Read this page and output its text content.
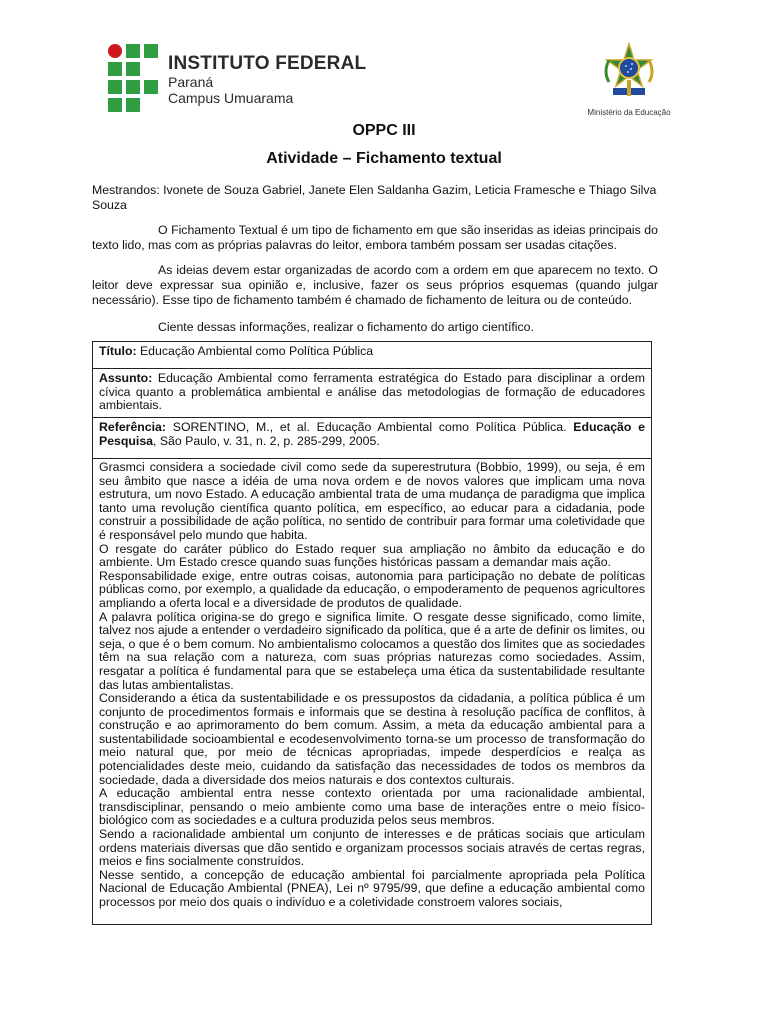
INSTITUTO FEDERAL
Paraná
Campus Umuarama
Ministério da Educação
OPPC III
Atividade – Fichamento textual
Mestrandos: Ivonete de Souza Gabriel, Janete Elen Saldanha Gazim, Leticia Framesche e Thiago Silva Souza
O Fichamento Textual é um tipo de fichamento em que são inseridas as ideias principais do texto lido, mas com as próprias palavras do leitor, embora também possam ser usadas citações.
As ideias devem estar organizadas de acordo com a ordem em que aparecem no texto. O leitor deve expressar sua opinião e, inclusive, fazer os seus próprios esquemas (quando julgar necessário). Esse tipo de fichamento também é chamado de fichamento de leitura ou de conteúdo.
Ciente dessas informações, realizar o fichamento do artigo científico.
Título: Educação Ambiental como Política Pública
Assunto: Educação Ambiental como ferramenta estratégica do Estado para disciplinar a ordem cívica quanto a problemática ambiental e análise das metodologias de formação de educadores ambientais.
Referência: SORENTINO, M., et al. Educação Ambiental como Política Pública. Educação e Pesquisa, São Paulo, v. 31, n. 2, p. 285-299, 2005.

Grasmci considera a sociedade civil como sede da superestrutura (Bobbio, 1999), ou seja, é em seu âmbito que nasce a idéia de uma nova ordem e de novos valores que implicam uma nova estrutura, um novo Estado. A educação ambiental trata de uma mudança de paradigma que implica tanto uma revolução científica quanto política, em específico, ao educar para a cidadania, pode construir a possibilidade de ação política, no sentido de contribuir para formar uma coletividade que é responsável pelo mundo que habita.

O resgate do caráter público do Estado requer sua ampliação no âmbito da educação e do ambiente. Um Estado cresce quando suas funções históricas passam a demandar mais ação.

Responsabilidade exige, entre outras coisas, autonomia para participação no debate de políticas públicas como, por exemplo, a qualidade da educação, o empoderamento de pequenos agricultores ampliando a oferta local e a diversidade de produtos de qualidade.

A palavra política origina-se do grego e significa limite. O resgate desse significado, como limite, talvez nos ajude a entender o verdadeiro significado da política, que é a arte de definir os limites, ou seja, o que é o bem comum. No ambientalismo colocamos a questão dos limites que as sociedades têm na sua relação com a natureza, com suas próprias naturezas como sociedades. Assim, resgatar a política é fundamental para que se estabeleça uma ética da sustentabilidade resultante das lutas ambientalistas.

Considerando a ética da sustentabilidade e os pressupostos da cidadania, a política pública é um conjunto de procedimentos formais e informais que se destina à resolução pacífica de conflitos, à construção e ao aprimoramento do bem comum. Assim, a meta da educação ambiental para a sustentabilidade socioambiental e ecodesenvolvimento torna-se um processo de transformação do meio natural que, por meio de técnicas apropriadas, impede desperdícios e realça as potencialidades deste meio, cuidando da satisfação das necessidades de todos os membros da sociedade, dada a diversidade dos meios naturais e dos contextos culturais.

A educação ambiental entra nesse contexto orientada por uma racionalidade ambiental, transdisciplinar, pensando o meio ambiente como uma base de interações entre o meio físico-biológico com as sociedades e a cultura produzida pelos seus membros.

Sendo a racionalidade ambiental um conjunto de interesses e de práticas sociais que articulam ordens materiais diversas que dão sentido e organizam processos sociais através de certas regras, meios e fins socialmente construídos.

Nesse sentido, a concepção de educação ambiental foi parcialmente apropriada pela Política Nacional de Educação Ambiental (PNEA), Lei nº 9795/99, que define a educação ambiental como processos por meio dos quais o indivíduo e a coletividade constroem valores sociais,
